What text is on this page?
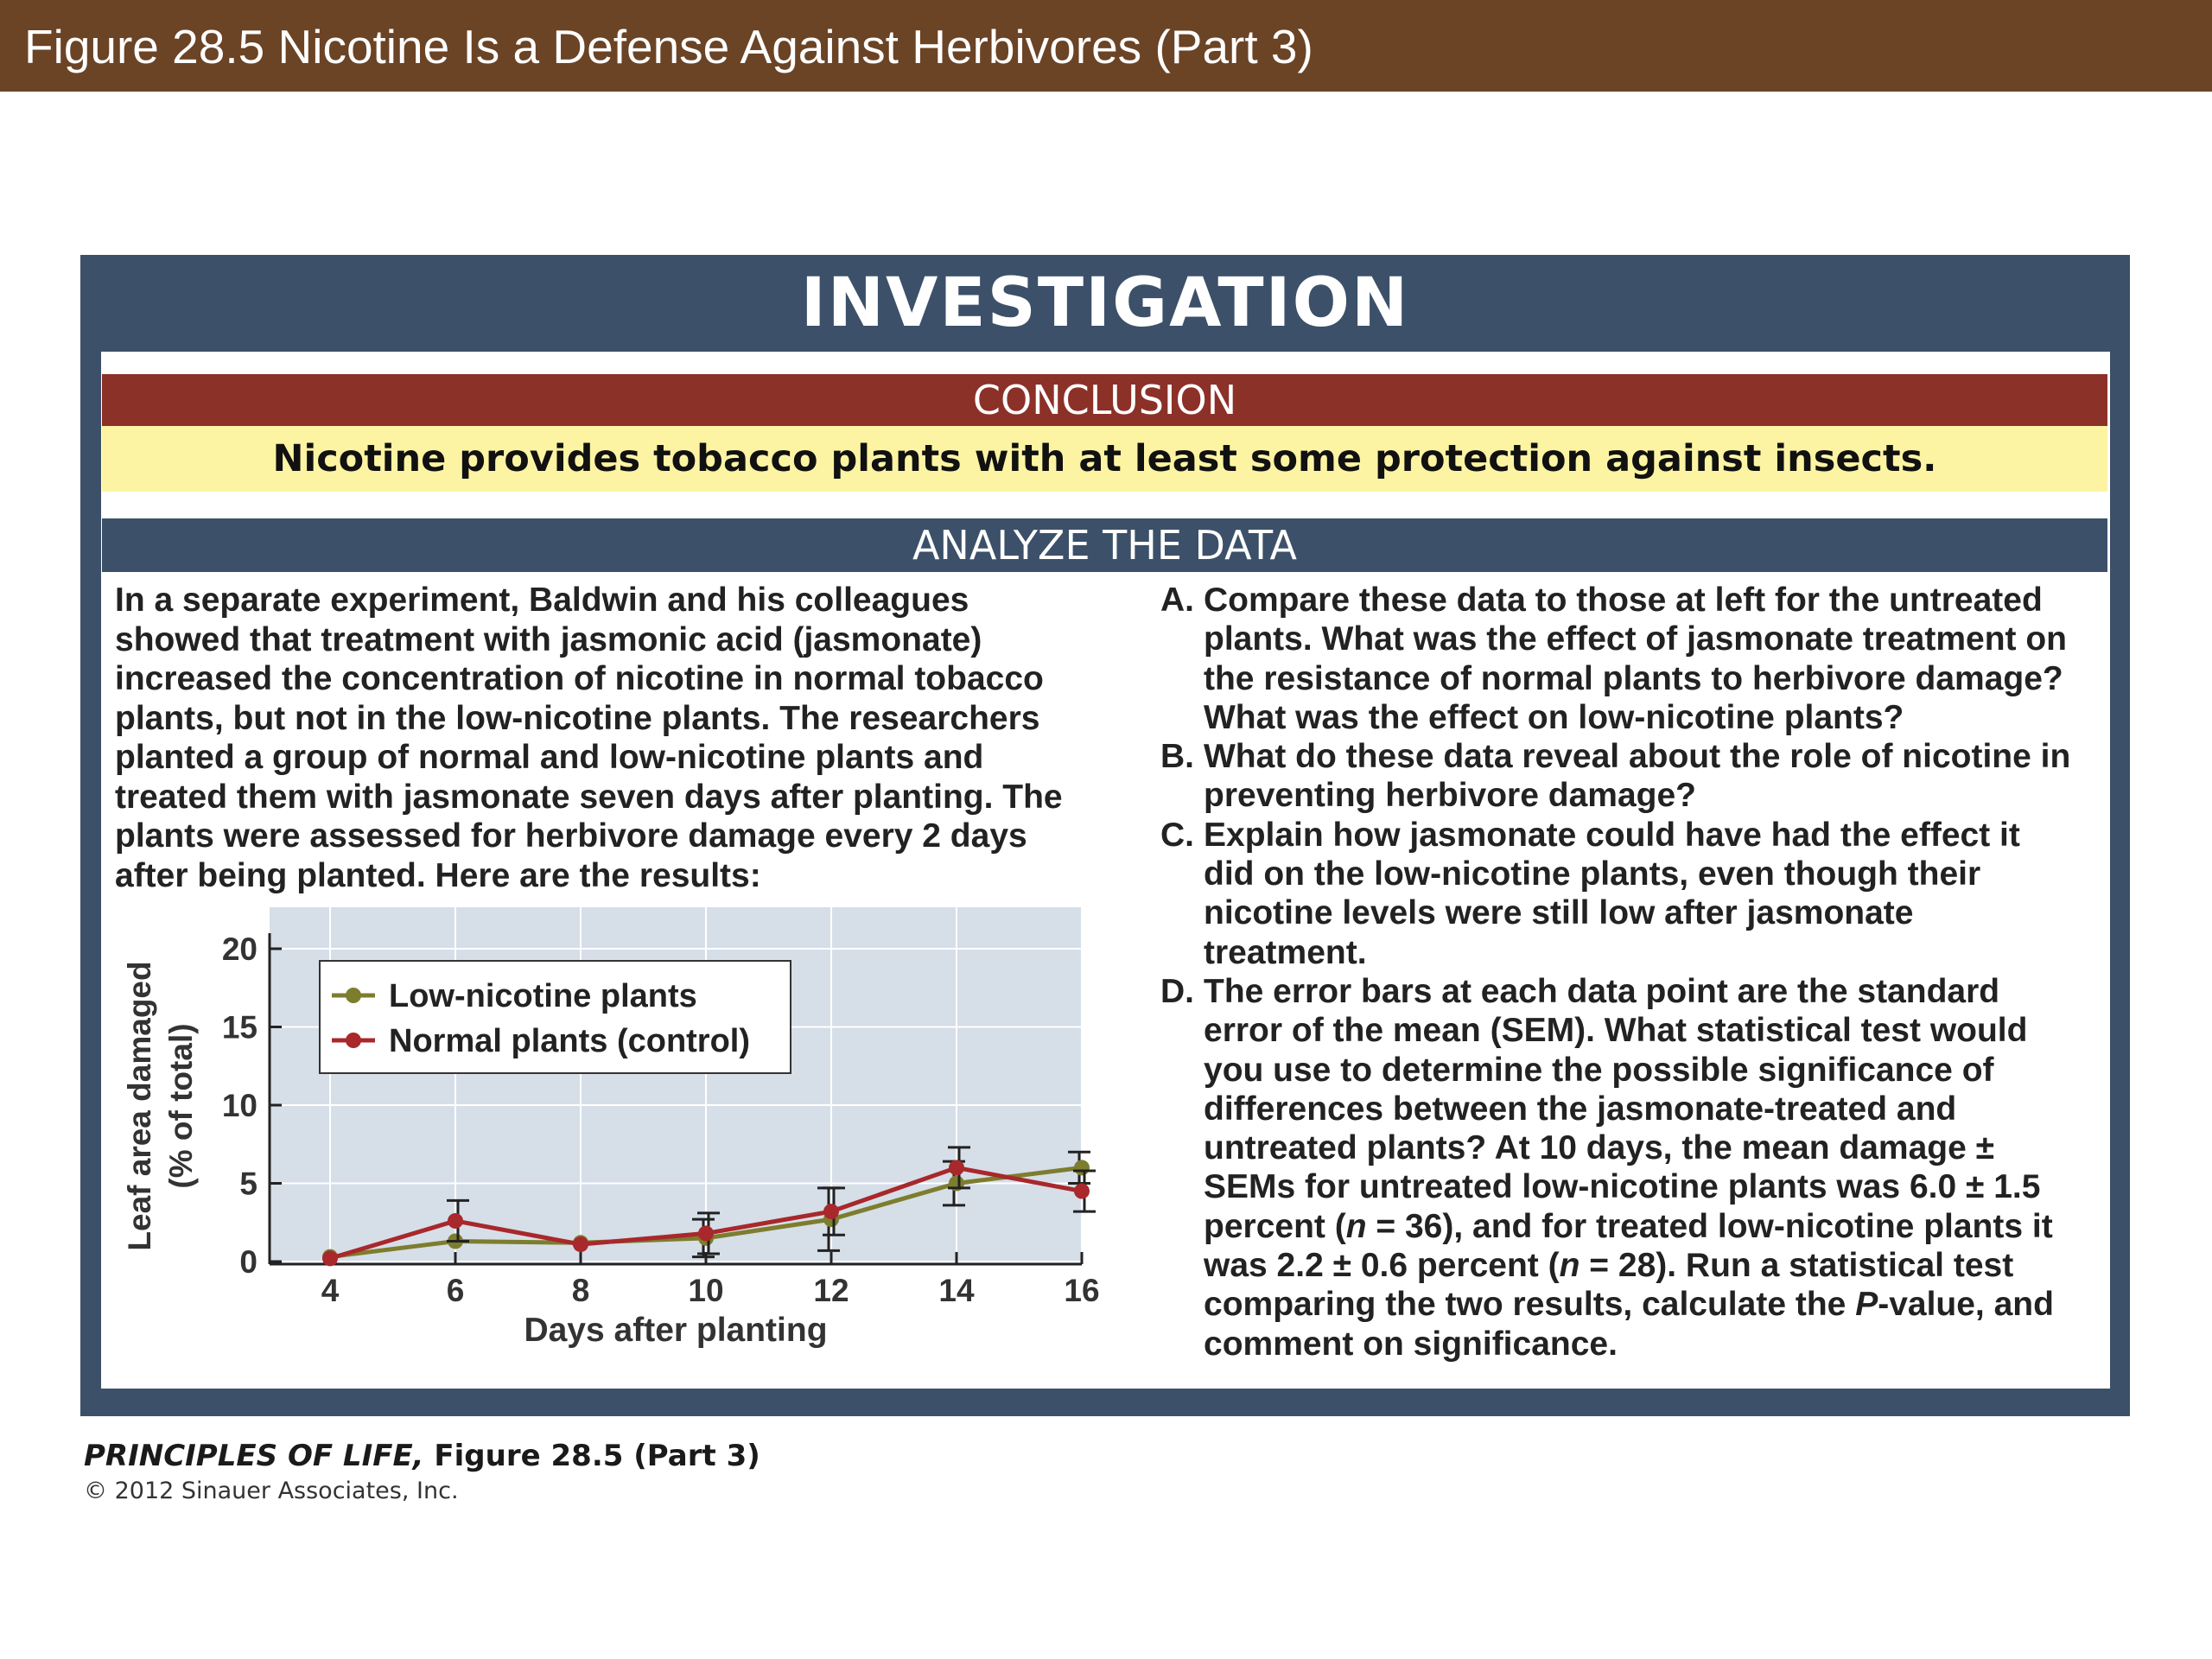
Figure 28.5 Nicotine Is a Defense Against Herbivores (Part 3)
INVESTIGATION
CONCLUSION
Nicotine provides tobacco plants with at least some protection against insects.
ANALYZE THE DATA
In a separate experiment, Baldwin and his colleagues
showed that treatment with jasmonic acid (jasmonate)
increased the concentration of nicotine in normal tobacco
plants, but not in the low-nicotine plants. The researchers
planted a group of normal and low-nicotine plants and
treated them with jasmonate seven days after planting. The
plants were assessed for herbivore damage every 2 days
after being planted. Here are the results:
A. Compare these data to those at left for the untreated
plants. What was the effect of jasmonate treatment on
the resistance of normal plants to herbivore damage?
What was the effect on low-nicotine plants?
B. What do these data reveal about the role of nicotine in
preventing herbivore damage?
C. Explain how jasmonate could have had the effect it
did on the low-nicotine plants, even though their
nicotine levels were still low after jasmonate
treatment.
D. The error bars at each data point are the standard
error of the mean (SEM). What statistical test would
you use to determine the possible significance of
differences between the jasmonate-treated and
untreated plants? At 10 days, the mean damage ±
SEMs for untreated low-nicotine plants was 6.0 ± 1.5
percent (n = 36), and for treated low-nicotine plants it
was 2.2 ± 0.6 percent (n = 28). Run a statistical test
comparing the two results, calculate the P-value, and
comment on significance.
0
5
10
15
20
4	6	8	10	12	14	16
Days after planting
Leaf area damaged (% of total)
Low-nicotine plants
Normal plants (control)
PRINCIPLES OF LIFE, Figure 28.5 (Part 3)
© 2012 Sinauer Associates, Inc.
